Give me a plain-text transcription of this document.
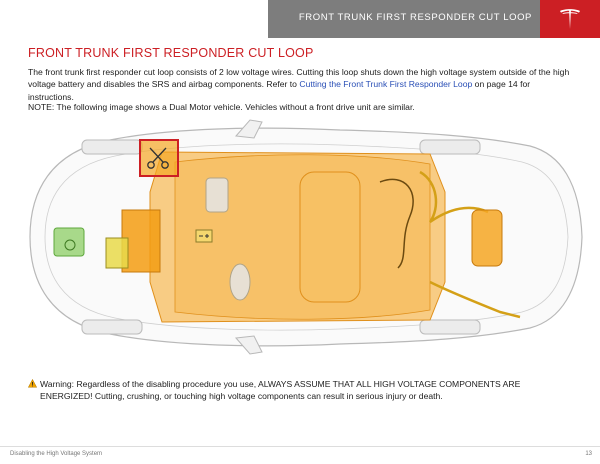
FRONT TRUNK FIRST RESPONDER CUT LOOP
FRONT TRUNK FIRST RESPONDER CUT LOOP
The front trunk first responder cut loop consists of 2 low voltage wires. Cutting this loop shuts down the high voltage system outside of the high voltage battery and disables the SRS and airbag components. Refer to Cutting the Front Trunk First Responder Loop on page 14 for instructions.
NOTE: The following image shows a Dual Motor vehicle. Vehicles without a front drive unit are similar.
Warning: Regardless of the disabling procedure you use, ALWAYS ASSUME THAT ALL HIGH VOLTAGE COMPONENTS ARE ENERGIZED! Cutting, crushing, or touching high voltage components can result in serious injury or death.
Disabling the High Voltage System	13
